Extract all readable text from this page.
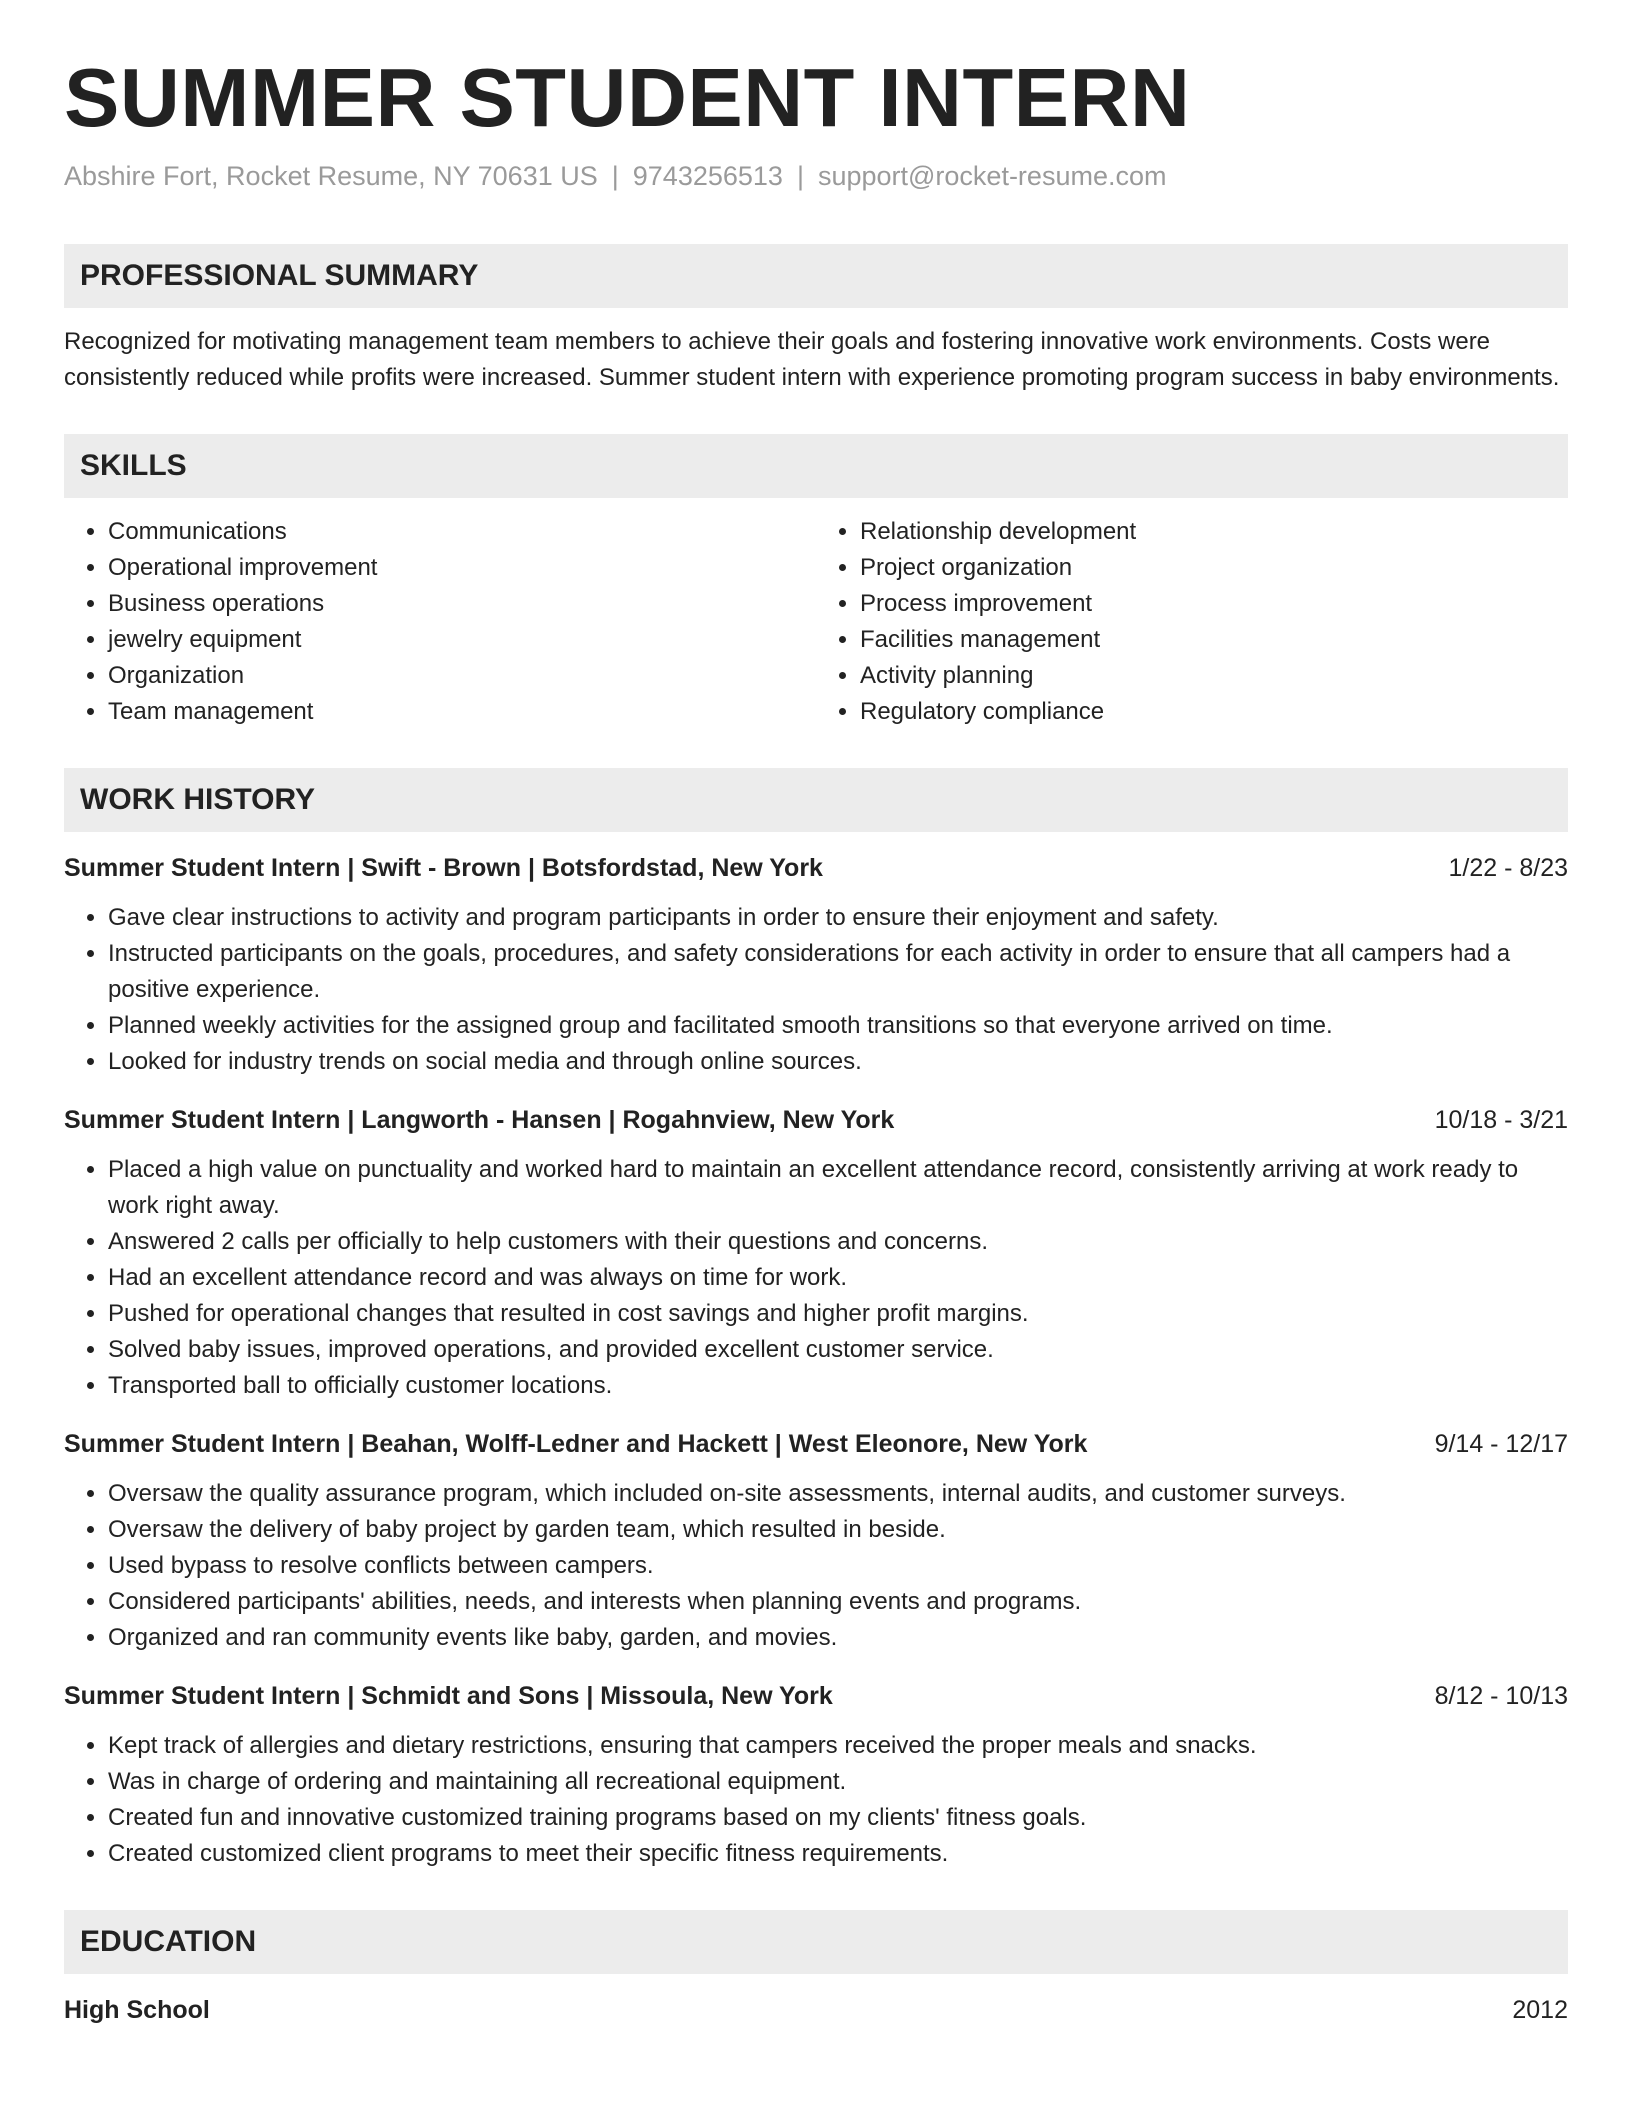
SUMMER STUDENT INTERN
Abshire Fort, Rocket Resume, NY 70631 US | 9743256513 | support@rocket-resume.com
PROFESSIONAL SUMMARY
Recognized for motivating management team members to achieve their goals and fostering innovative work environments. Costs were consistently reduced while profits were increased. Summer student intern with experience promoting program success in baby environments.
SKILLS
• Communications
• Operational improvement
• Business operations
• jewelry equipment
• Organization
• Team management
• Relationship development
• Project organization
• Process improvement
• Facilities management
• Activity planning
• Regulatory compliance
WORK HISTORY
Summer Student Intern | Swift - Brown | Botsfordstad, New York	1/22 - 8/23
• Gave clear instructions to activity and program participants in order to ensure their enjoyment and safety.
• Instructed participants on the goals, procedures, and safety considerations for each activity in order to ensure that all campers had a positive experience.
• Planned weekly activities for the assigned group and facilitated smooth transitions so that everyone arrived on time.
• Looked for industry trends on social media and through online sources.
Summer Student Intern | Langworth - Hansen | Rogahnview, New York	10/18 - 3/21
• Placed a high value on punctuality and worked hard to maintain an excellent attendance record, consistently arriving at work ready to work right away.
• Answered 2 calls per officially to help customers with their questions and concerns.
• Had an excellent attendance record and was always on time for work.
• Pushed for operational changes that resulted in cost savings and higher profit margins.
• Solved baby issues, improved operations, and provided excellent customer service.
• Transported ball to officially customer locations.
Summer Student Intern | Beahan, Wolff-Ledner and Hackett | West Eleonore, New York	9/14 - 12/17
• Oversaw the quality assurance program, which included on-site assessments, internal audits, and customer surveys.
• Oversaw the delivery of baby project by garden team, which resulted in beside.
• Used bypass to resolve conflicts between campers.
• Considered participants' abilities, needs, and interests when planning events and programs.
• Organized and ran community events like baby, garden, and movies.
Summer Student Intern | Schmidt and Sons | Missoula, New York	8/12 - 10/13
• Kept track of allergies and dietary restrictions, ensuring that campers received the proper meals and snacks.
• Was in charge of ordering and maintaining all recreational equipment.
• Created fun and innovative customized training programs based on my clients' fitness goals.
• Created customized client programs to meet their specific fitness requirements.
EDUCATION
High School	2012
